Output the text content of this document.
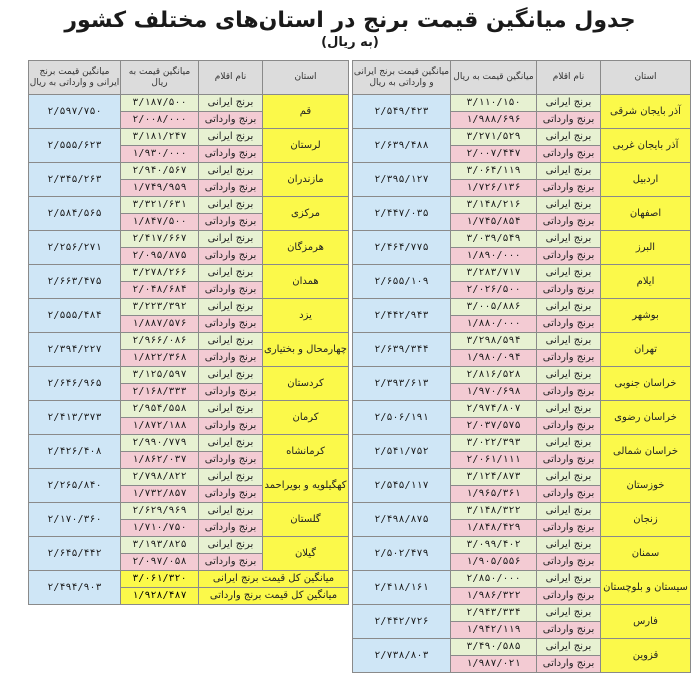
جدول میانگین قیمت برنج در استان‌های مختلف کشور
(به ریال)
استان	نام اقلام	میانگین قیمت به ریال	میانگین قیمت برنج ایرانی و وارداتی به ریال
آذر بایجان شرقی	برنج ایرانی	۳/۱۱۰/۱۵۰	۲/۵۴۹/۴۲۳
	برنج وارداتی	۱/۹۸۸/۶۹۶	
آذر بایجان غربی	برنج ایرانی	۳/۲۷۱/۵۲۹	۲/۶۳۹/۴۸۸
	برنج وارداتی	۲/۰۰۷/۴۴۷	
اردبیل	برنج ایرانی	۳/۰۶۴/۱۱۹	۲/۳۹۵/۱۲۷
	برنج وارداتی	۱/۷۲۶/۱۳۶	
اصفهان	برنج ایرانی	۳/۱۴۸/۲۱۶	۲/۴۴۷/۰۳۵
	برنج وارداتی	۱/۷۴۵/۸۵۴	
البرز	برنج ایرانی	۳/۰۳۹/۵۴۹	۲/۴۶۴/۷۷۵
	برنج وارداتی	۱/۸۹۰/۰۰۰	
ایلام	برنج ایرانی	۳/۲۸۳/۷۱۷	۲/۶۵۵/۱۰۹
	برنج وارداتی	۲/۰۲۶/۵۰۰	
بوشهر	برنج ایرانی	۳/۰۰۵/۸۸۶	۲/۴۴۲/۹۴۳
	برنج وارداتی	۱/۸۸۰/۰۰۰	
تهران	برنج ایرانی	۳/۲۹۸/۵۹۴	۲/۶۳۹/۳۴۴
	برنج وارداتی	۱/۹۸۰/۰۹۴	
خراسان جنوبی	برنج ایرانی	۲/۸۱۶/۵۲۸	۲/۳۹۳/۶۱۳
	برنج وارداتی	۱/۹۷۰/۶۹۸	
خراسان رضوی	برنج ایرانی	۲/۹۷۴/۸۰۷	۲/۵۰۶/۱۹۱
	برنج وارداتی	۲/۰۳۷/۵۷۵	
خراسان شمالی	برنج ایرانی	۳/۰۲۲/۳۹۳	۲/۵۴۱/۷۵۲
	برنج وارداتی	۲/۰۶۱/۱۱۱	
خوزستان	برنج ایرانی	۳/۱۲۴/۸۷۳	۲/۵۴۵/۱۱۷
	برنج وارداتی	۱/۹۶۵/۳۶۱	
زنجان	برنج ایرانی	۳/۱۴۸/۳۲۲	۲/۴۹۸/۸۷۵
	برنج وارداتی	۱/۸۴۸/۴۲۹	
سمنان	برنج ایرانی	۳/۰۹۹/۴۰۲	۲/۵۰۲/۴۷۹
	برنج وارداتی	۱/۹۰۵/۵۵۶	
سیستان و بلوچستان	برنج ایرانی	۲/۸۵۰/۰۰۰	۲/۴۱۸/۱۶۱
	برنج وارداتی	۱/۹۸۶/۳۲۲	
فارس	برنج ایرانی	۲/۹۴۳/۳۳۴	۲/۴۴۲/۷۲۶
	برنج وارداتی	۱/۹۴۲/۱۱۹	
قزوین	برنج ایرانی	۳/۴۹۰/۵۸۵	۲/۷۳۸/۸۰۳
	برنج وارداتی	۱/۹۸۷/۰۲۱	
استان	نام اقلام	میانگین قیمت به ریال	میانگین قیمت برنج ایرانی و وارداتی به ریال
قم	برنج ایرانی	۳/۱۸۷/۵۰۰	۲/۵۹۷/۷۵۰
	برنج وارداتی	۲/۰۰۸/۰۰۰	
لرستان	برنج ایرانی	۳/۱۸۱/۲۴۷	۲/۵۵۵/۶۲۳
	برنج وارداتی	۱/۹۳۰/۰۰۰	
مازندران	برنج ایرانی	۲/۹۴۰/۵۶۷	۲/۳۴۵/۲۶۳
	برنج وارداتی	۱/۷۴۹/۹۵۹	
مرکزی	برنج ایرانی	۳/۳۲۱/۶۳۱	۲/۵۸۴/۵۶۵
	برنج وارداتی	۱/۸۴۷/۵۰۰	
هرمزگان	برنج ایرانی	۲/۴۱۷/۶۶۷	۲/۲۵۶/۲۷۱
	برنج وارداتی	۲/۰۹۵/۸۷۵	
همدان	برنج ایرانی	۳/۲۷۸/۲۶۶	۲/۶۶۳/۴۷۵
	برنج وارداتی	۲/۰۴۸/۶۸۴	
یزد	برنج ایرانی	۳/۲۲۳/۳۹۲	۲/۵۵۵/۴۸۴
	برنج وارداتی	۱/۸۸۷/۵۷۶	
چهارمحال و بختیاری	برنج ایرانی	۲/۹۶۶/۰۸۶	۲/۳۹۴/۲۲۷
	برنج وارداتی	۱/۸۲۲/۳۶۸	
کردستان	برنج ایرانی	۳/۱۲۵/۵۹۷	۲/۶۴۶/۹۶۵
	برنج وارداتی	۲/۱۶۸/۳۳۳	
کرمان	برنج ایرانی	۲/۹۵۴/۵۵۸	۲/۴۱۳/۳۷۳
	برنج وارداتی	۱/۸۷۲/۱۸۸	
کرمانشاه	برنج ایرانی	۲/۹۹۰/۷۷۹	۲/۴۲۶/۴۰۸
	برنج وارداتی	۱/۸۶۲/۰۳۷	
کهگیلویه و بویراحمد	برنج ایرانی	۲/۷۹۸/۸۲۲	۲/۲۶۵/۸۴۰
	برنج وارداتی	۱/۷۳۲/۸۵۷	
گلستان	برنج ایرانی	۲/۶۲۹/۹۶۹	۲/۱۷۰/۳۶۰
	برنج وارداتی	۱/۷۱۰/۷۵۰	
گیلان	برنج ایرانی	۳/۱۹۳/۸۲۵	۲/۶۴۵/۴۴۲
	برنج وارداتی	۲/۰۹۷/۰۵۸	
میانگین کل قیمت برنج ایرانی		۳/۰۶۱/۳۲۰	۲/۴۹۴/۹۰۳
میانگین کل قیمت برنج وارداتی		۱/۹۲۸/۴۸۷	
